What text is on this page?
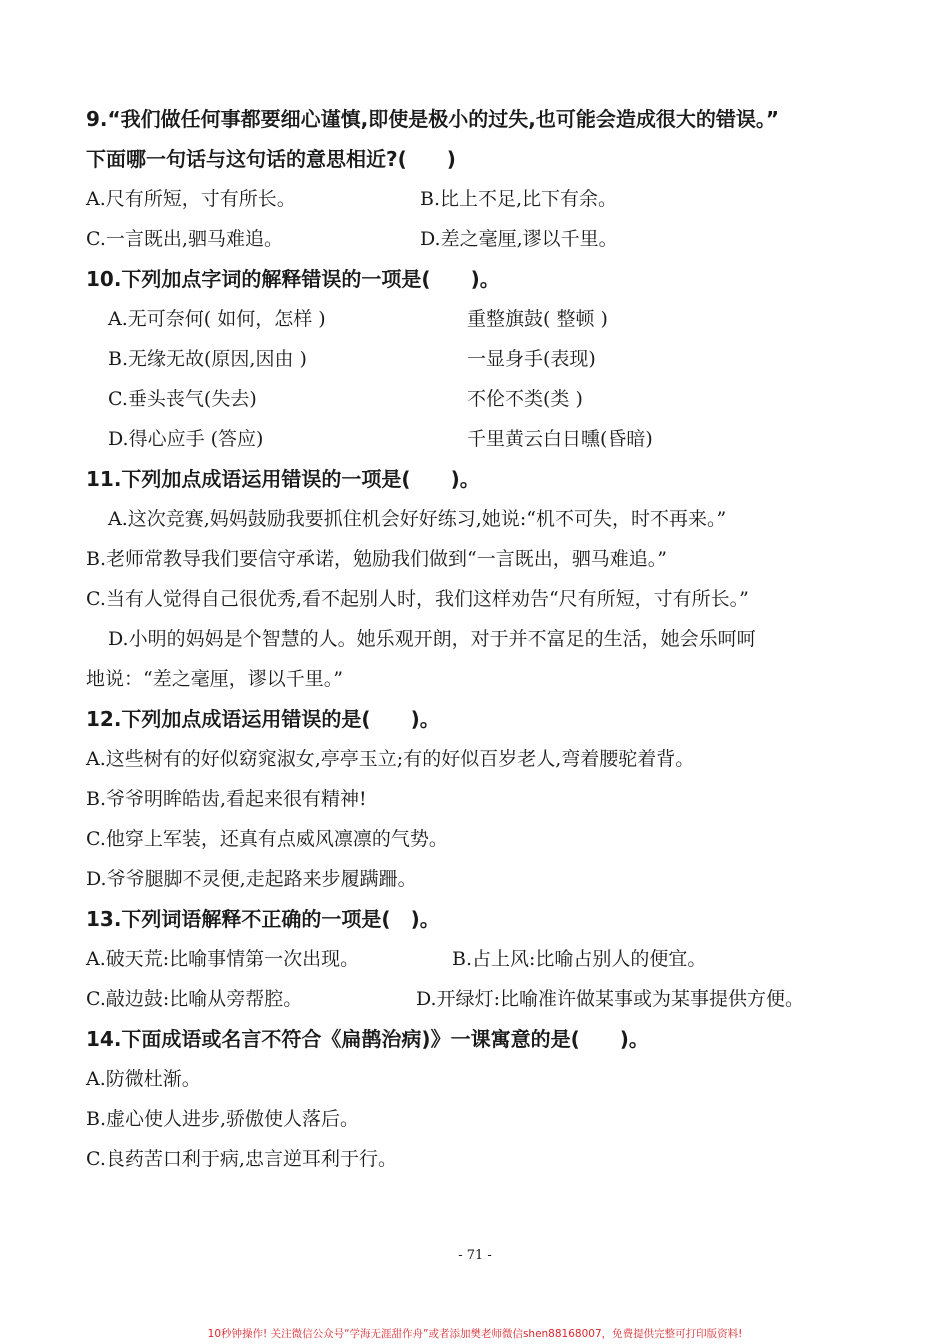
9.“我们做任何事都要细心谨慎,即使是极小的过失,也可能会造成很大的错误。”
下面哪一句话与这句话的意思相近?(　　)
A.尺有所短，寸有所长。	B.比上不足,比下有余。
C.一言既出,驷马难追。	D.差之毫厘,谬以千里。
10.下列加点字词的解释错误的一项是(　　)。
A.无可奈何( 如何，怎样 )	重整旗鼓( 整顿 )
B.无缘无故(原因,因由 )	一显身手(表现)
C.垂头丧气(失去)	不伦不类(类 )
D.得心应手 (答应)	千里黄云白日曛(昏暗)
11.下列加点成语运用错误的一项是(　　)。
A.这次竞赛,妈妈鼓励我要抓住机会好好练习,她说:“机不可失，时不再来。”
B.老师常教导我们要信守承诺，勉励我们做到“一言既出，驷马难追。”
C.当有人觉得自己很优秀,看不起别人时，我们这样劝告“尺有所短，寸有所长。”
D.小明的妈妈是个智慧的人。她乐观开朗，对于并不富足的生活，她会乐呵呵
地说：“差之毫厘，谬以千里。”
12.下列加点成语运用错误的是(　　)。
A.这些树有的好似窈窕淑女,亭亭玉立;有的好似百岁老人,弯着腰驼着背。
B.爷爷明眸皓齿,看起来很有精神!
C.他穿上军装，还真有点威风凛凛的气势。
D.爷爷腿脚不灵便,走起路来步履蹒跚。
13.下列词语解释不正确的一项是(　)。
A.破天荒:比喻事情第一次出现。	B.占上风:比喻占别人的便宜。
C.敲边鼓:比喻从旁帮腔。	D.开绿灯:比喻准许做某事或为某事提供方便。
14.下面成语或名言不符合《扁鹊治病)》一课寓意的是(　　)。
A.防微杜渐。
B.虚心使人进步,骄傲使人落后。
C.良药苦口利于病,忠言逆耳利于行。
- 71 -
10秒钟操作! 关注微信公众号“学海无涯甜作舟”或者添加樊老师微信shen88168007，免费提供完整可打印版资料!
